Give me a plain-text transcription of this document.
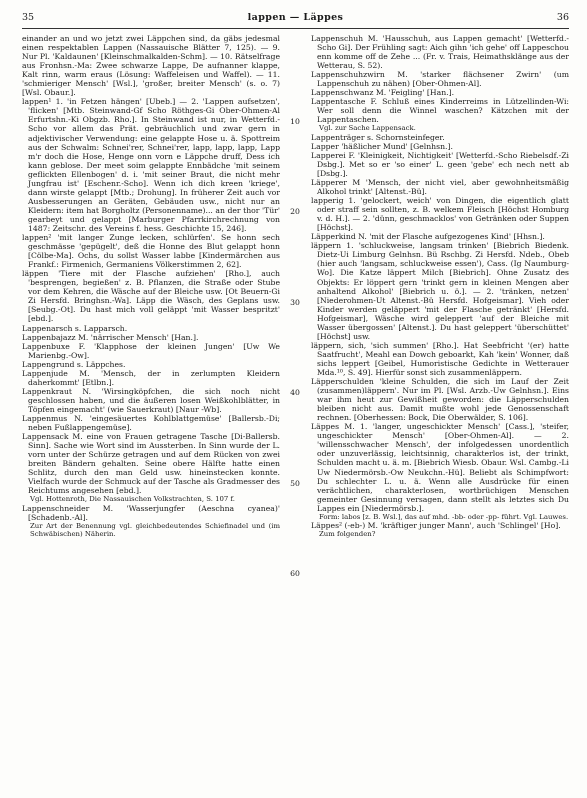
35	lappen — Läppes	36

einander an und wo jetzt zwei Läppchen sind, da gäbs jedesmal einen respektablen Lappen (Nassauische Blätter 7, 125). — 9. Nur Pl. 'Kaldaunen' [Kleinschmalkalden-Schm]. — 10. Rätselfrage aus Fronhsn.-Ma: Zwee schwarze Lappe, De aufnanner klappe, Kalt rinn, warm eraus (Lösung: Waffeleisen und Waffel). — 11. 'schmieriger Mensch' [Wsl.], 'großer, breiter Mensch' (s. o. 7) [Wsl. Obaur.].

lappen¹ 1. 'in Fetzen hängen' [Ubeb.] — 2. 'Lappen aufsetzen', 'flicken' [Mtb. Steinwand-Gf Scho Röthges-Gi Ober-Ohmen-Al Erfurtshn.-Ki Obgzb. Rho.]. In Steinwand ist nur, in Wetterfd.-Scho vor allem das Prät. gebräuchlich und zwar gern in adjektivischer Verwendung: eine gelappte Hose u. ä. Spottreim aus der Schwalm: Schnei'rer, Schnei'rer, lapp, lapp, lapp, Lapp m'r doch die Hose, Henge onn vorn e Läppche druff, Dess ich kann geblose. Der meet soim gelappte Ennbädche 'mit seinem geflickten Ellenbogen' d. i. 'mit seiner Braut, die nicht mehr Jungfrau ist' [Eschenr.-Scho]. Wenn ich dich kreen 'kriege', dann wirste gelappt [Mtb.; Drohung]. In früherer Zeit auch vor Ausbesserungen an Geräten, Gebäuden usw., nicht nur an Kleidern: item hat Borgholtz (Personenname)... an der thor 'Tür' gearbeyt und gelappt [Marburger Pfarrkirchrechnung von 1487: Zeitschr. des Vereins f. hess. Geschichte 15, 246].

lappen² 'mit langer Zunge lecken, schlürfen'. Se honn sech geschmässe 'gepügelt', deß die Honne des Blut gelappt honn [Cölbe-Ma]. Ochs, du sollst Wasser labbe [Kindermärchen aus Frankf.: Firmenich, Germaniens Völkerstimmen 2, 62].

läppen 'Tiere mit der Flasche aufziehen' [Rho.], auch 'besprengen, begießen' z. B. Pflanzen, die Straße oder Stube vor dem Kehren, die Wäsche auf der Bleiche usw. [Ot Beuern-Gi Zi Hersfd. Bringhsn.-Wa]. Läpp die Wäsch, des Geplans usw. [Seubg.-Ot]. Du hast mich voll geläppt 'mit Wasser bespritzt' [ebd.].

Lappenarsch s. Lapparsch.

Lappenbajazz M. 'närrischer Mensch' [Han.].

Lappenbuxe F. 'Klapphose der kleinen Jungen' [Uw We Marienbg.-Ow].

Lappengrund s. Läppches.

Lappenjude M. 'Mensch, der in zerlumpten Kleidern daherkommt' [Etlbn.].

Lappenkraut N. 'Wirsingköpfchen, die sich noch nicht geschlossen haben, und die äußeren losen Weißkohlblätter, in Töpfen eingemacht' (wie Sauerkraut) [Naur -Wb].

Lappenmus N. 'eingesäuertes Kohlblattgemüse' [Ballersb.-Di; neben Fußlappengemüse].

Lappensack M. eine von Frauen getragene Tasche [Di-Ballersb. Sinn]. Sache wie Wort sind im Aussterben. In Sinn wurde der L. vorn unter der Schürze getragen und auf dem Rücken von zwei breiten Bändern gehalten. Seine obere Hälfte hatte einen Schlitz, durch den man Geld usw. hineinstecken konnte. Vielfach wurde der Schmuck auf der Tasche als Gradmesser des Reichtums angesehen [ebd.].

Vgl. Hottenroth, Die Nassauischen Volkstrachten, S. 107 f.

Lappenschneider M. 'Wasserjungfer (Aeschna cyanea)' [Schadenb.-Al].

Zur Art der Benennung vgl. gleichbedeutendes Schiefinadel und (im Schwäbischen) Näherin.

10
20
30
40
50
60

Lappenschuh M. 'Hausschuh, aus Lappen gemacht' [Wetterfd.-Scho Gi]. Der Frühling sagt: Aich gihn 'ich gehe' off Lappeschou enn komme off de Zehe ... (Fr. v. Trais, Heimathsklänge aus der Wetterau, S. 52).

Lappenschuhzwirn M. 'starker flächsener Zwirn' (um Lappenschuh zu nähen) [Ober-Ohmen-Al].

Lappenschwanz M. 'Feigling' [Han.].

Lappentasche F. Schluß eines Kinderreims in Lützellinden-Wi: Wer soll denn die Winnel waschen? Kätzchen mit der Lappentaschen.

Vgl. zur Sache Lappensack.

Lappenträger s. Schornsteinfeger.

Lapper 'häßlicher Mund' [Gelnhsn.].

Lapperei F. 'Kleinigkeit, Nichtigkeit' [Wetterfd.-Scho Riebelsdf.-Zi Dsbg.]. Met so er 'so einer' L. geen 'gebe' ech nech nett ab [Dsbg.].

Läpperer M 'Mensch, der nicht viel, aber gewohnheitsmäßig Alkohol trinkt' [Altenst.-Bü].

lapperig 1. 'gelockert, weich' von Dingen, die eigentlich glatt oder straff sein sollten, z. B. welkem Fleisch [Höchst Homburg v. d. H.]. — 2. 'dünn, geschmacklos' von Getränken oder Suppen [Höchst].

Läpperkind N. 'mit der Flasche aufgezogenes Kind' [Hhsn.].

läppern 1. 'schluckweise, langsam trinken' [Biebrich Biedenk. Dietz-Ui Limburg Gelnhsn. Bü Rschbg. Zi Hersfd. Ndeb., Obeb (hier auch 'langsam, schluckweise essen'), Cass. (Ig Naumburg-Wo]. Die Katze läppert Milch [Biebrich]. Ohne Zusatz des Objekts: Er löppert gern 'trinkt gern in kleinen Mengen aber anhaltend Alkohol' [Biebrich u. ö.]. — 2. 'tränken, netzen' [Niederohmen-Ut Altenst.-Bü Hersfd. Hofgeismar]. Vieh oder Kinder werden geläppert 'mit der Flasche getränkt' [Hersfd. Hofgeismar], Wäsche wird geleppert 'auf der Bleiche mit Wasser übergossen' [Altenst.]. Du hast geleppert 'überschüttet' [Höchst] usw.

läppern, sich, 'sich summen' [Rho.]. Hat Seebfricht '(er) hatte Saatfrucht', Meahl ean Dowch geboarkt, Kah 'kein' Wonner, daß sichs leppert [Geibel, Humoristische Gedichte in Wetterauer Mda.¹⁰, S. 49]. Hierfür sonst sich zusammenläppern.

Läpperschulden 'kleine Schulden, die sich im Lauf der Zeit (zusammen)läppern'. Nur im Pl. [Wsl. Arzb.-Uw Gelnhsn.]. Eins war ihm heut zur Gewißheit geworden: die Läpperschulden bleiben nicht aus. Damit mußte wohl jede Genossenschaft rechnen. [Oberhessen: Bock, Die Oberwälder, S. 106].

Läppes M. 1. 'langer, ungeschickter Mensch' [Cass.], 'steifer, ungeschickter Mensch' [Ober-Ohmen-Al]. — 2. 'willensschwacher Mensch', der infolgedessen unordentlich oder unzuverlässig, leichtsinnig, charakterlos ist, der trinkt, Schulden macht u. ä. m. [Biebrich Wiesb. Obaur. Wsl. Cambg.-Li Uw Niedermörsb.-Ow Neukchn.-Hü]. Beliebt als Schimpfwort: Du schlechter L. u. ä. Wenn alle Ausdrücke für einen verächtlichen, charakterlosen, wortbrüchigen Menschen gemeinter Gesinnung versagen, dann stellt als letztes sich Du Lappes ein [Niedermörsb.].

Form: labos [z. B. Wsl.], das auf mhd. -bb- oder -pp- führt. Vgl. Lauwes.

Läppes² (-eb-) M. 'kräftiger junger Mann', auch 'Schlingel' [Ho].

Zum folgenden?
